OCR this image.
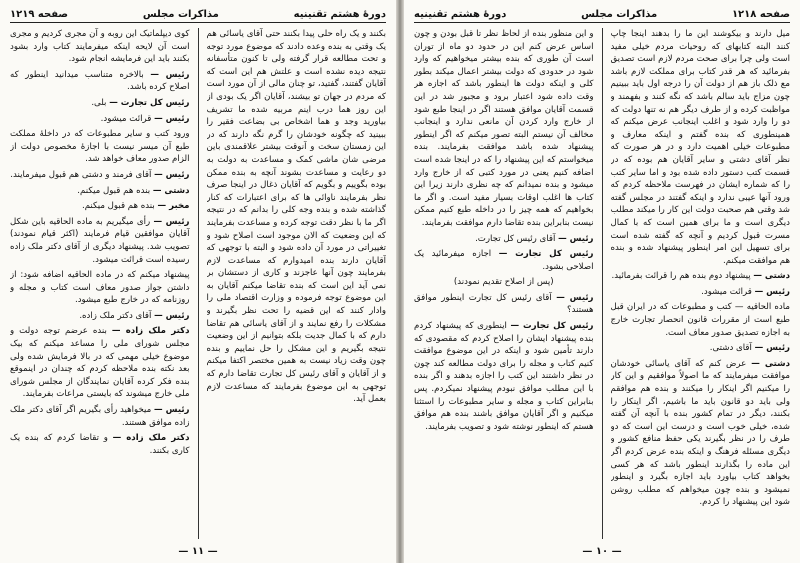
دورهٔ هشتم تقنینیه
مذاکرات مجلس
صفحه ۱۲۱۹

بکنند و یک راه حلی پیدا بکنند حتی آقای یاسائی هم یک وقتی به بنده وعده دادند که موضوع مورد توجه و تحت مطالعه قرار گرفته ولی تا کنون متأسفانه نتیجه دیده نشده است و علتش هم این است که آقایان گفتند، گفتید، تو چنان مالی از آن مورد است که مردم در جهان تو بیشند، آقایان اگر یک بودی از این روز هما درب اینم مربیه شده ما تشریف بیاورید وجد و هما اشخاص بی بضاعت فقیر را ببینید که چگونه خودشان را گرم نگه دارند که در این زمستان سخت و آنوقت بیشتر علاقمندی باین مرضی شان ماشی کمک و مساعدت به دولت به دو رعایت و مساعدت بشوند آنچه به بنده ممکن بوده بگوییم و بگویم که آقایان ذغال در اینجا صرف نظر بفرمایند ناوائی ها که برای اعتبارات که کنار گذاشته شده و بنده وجه کلی را بدانم که در نتیجه اگر ما با نظر دقت توجه کرده و مساعدت بفرمایند که این وضعیت که الان موجود است اصلاح شود و تغییراتی در مورد آن داده شود و البته با توجهی که آقایان دارند بنده امیدوارم که مساعدت لازم بفرمایند چون آنها عاجزند و کاری از دستشان بر نمی آید این است که بنده تقاضا میکنم آقایان به این موضوع توجه فرموده و وزارت اقتصاد ملی را وادار کنند که این قضیه را تحت نظر بگیرند و مشکلات را رفع نمایند و از آقای یاسائی هم تقاضا دارم که با کمال جدیت بلکه بتوانیم از این وضعیت نتیجه بگیریم و این مشکل را حل نماییم و بنده چون وقت زیاد نیست به همین مختصر اکتفا میکنم و از آقایان و آقای رئیس کل تجارت تقاضا دارم که توجهی به این موضوع بفرمایند که مساعدت لازم بعمل آید.

کوی دیپلماتیک این روبه و آن مجری کردیم و مجری است آن لایحه اینکه میفرمایند کتاب وارد بشود بکنند باید این فرمایشه انجام شود.

رئیس — بالاخره متناسب میدانید اینطور که اصلاح کرده باشد.

رئیس کل تجارت — بلی.

رئیس — قرائت میشود.

ورود کتب و سایر مطبوعات که در داخلهٔ مملکت طبع آن میسر نیست با اجازهٔ مخصوص دولت از الزام صدور معاف خواهد شد.

رئیس — آقای فرمند و دشتی هم قبول میفرمایند.

دشتی — بنده هم قبول میکنم.

مخبر — بنده هم قبول میکنم.

رئیس — رأی میگیریم به ماده الحاقیه باین شکل آقایان موافقین قیام فرمایند (اکثر قیام نمودند) تصویب شد. پیشنهاد دیگری از آقای دکتر ملک زاده رسیده است قرائت میشود.

پیشنهاد میکنم که در ماده الحاقیه اضافه شود: از داشتن جواز صدور معاف است کتاب و مجله و روزنامه که در خارج طبع میشود.

رئیس — آقای دکتر ملک زاده.

دکتر ملک زاده — بنده عرضم توجه دولت و مجلس شورای ملی را مساعد میکنم که بیک موضوع خیلی مهمی که در بالا فرمایش شده ولی بعد نکته بنده ملاحظه کردم که چندان در اینموقع بنده فکر کرده آقایان نمایندگان از مجلس شورای ملی خارج میشوند که بایستی مراعات بفرمایند.

رئیس — میخواهید رأی بگیریم اگر آقای دکتر ملک زاده موافق هستند.

دکتر ملک زاده — و تقاضا کردم که بنده یک کاری بکنند.

— ۱۱ —
صفحه ۱۲۱۸
مذاکرات مجلس
دورهٔ هشتم تقنینیه

میل دارند و بیکوشند این ما را بدهند اینجا چاپ کنند البته کتابهای که روحیات مردم خیلی مفید است ولی چرا برای صحت مردم لازم است تصدیق بفرمائید که هر قدر کتاب برای مملکت لازم باشد مع ذلک باز هم از دولت آن را درجه اول باید ببینیم چون مزاج باید سالم باشد که نگه کنند و بفهمند و مواظبت کرده و از طرف دیگر هم نه تنها دولت که دو را وارد شود و اغلب اینجانب عرض میکنم که همینطوری که بنده گفتم و اینکه معارف و مطبوعات خیلی اهمیت دارد و در هر صورت که نظر آقای دشتی و سایر آقایان هم بوده که در قسمت کتب دستور داده شده بود و اما سایر کتب را که شماره ایشان در فهرست ملاحظه کردم که ورود آنها عیبی ندارد و اینکه گفتند در مجلس گفته شد وقتی هم صحبت دولت این کار را میکند مطلب دیگری است و ما برای همین است که با کمال مسرت قبول کردیم و آنچه که گفته شده است برای تسهیل این امر اینطور پیشنهاد شده و بنده هم موافقت میکنم.

دشتی — پیشنهاد دوم بنده هم را قرائت بفرمائید.

رئیس — قرائت میشود.

ماده الحاقیه — کتب و مطبوعات که در ایران قبل طبع است از مقررات قانون انحصار تجارت خارج به اجازه تصدیق صدور معاف است.

رئیس — آقای دشتی.

دشتی — عرض کنم که آقای یاسائی خودشان موافقت میفرمایند که ما اصولاً موافقیم و این کار را میکنیم اگر اینکار را میکنند و بنده هم موافقم ولی باید دو قانون باید ما باشیم، اگر اینکار را بکنند، دیگر در تمام کشور بنده با آنچه آن گفته شده، خیلی خوب است و درست این است که دو طرف را در نظر بگیرند یکی حفظ منافع کشور و دیگری مسئله فرهنگ و اینکه بنده عرض کردم اگر این ماده را بگذارند اینطور باشد که هر کسی بخواهد کتاب بیاورد باید اجازه بگیرد و اینطور نمیشود و بنده چون میخواهم که مطلب روشن شود این پیشنهاد را کردم.

و این منظور بنده از لحاظ نظر تا قبل بودن و چون اساس عرض کنم این در حدود دو ماه از توران است آن طوری که بنده بیشتر میخواهیم که وارد شود در حدودی که دولت بیشتر اعمال میکند بطور کلی و اینکه دولت ها اینطور باشد که اجازه هر وقت داده شود اعتبار برود و مجبور شد در این قسمت آقایان موافق هستند اگر در اینجا طبع شود از خارج وارد کردن آن مانعی ندارد و اینجانب مخالف آن نیستم البته تصور میکنم که اگر اینطور پیشنهاد شده باشد موافقت بفرمایند. بنده میخواستم که این پیشنهاد را که در اینجا شده است اضافه کنیم یعنی در مورد کتبی که از خارج وارد میشود و بنده نمیدانم که چه نظری دارند زیرا این کتاب ها اغلب اوقات بسیار مفید است. و اگر ما بخواهیم که همه چیز را در داخله طبع کنیم ممکن نیست بنابراین بنده تقاضا دارم موافقت بفرمایند.

رئیس — آقای رئیس کل تجارت.

رئیس کل تجارت — اجازه میفرمائید یک اصلاحی بشود.

(پس از اصلاح تقدیم نمودند)

رئیس — آقای رئیس کل تجارت اینطور موافق هستند؟

رئیس کل تجارت — اینطوری که پیشنهاد کردم بنده پیشنهاد ایشان را اصلاح کردم که مقصودی که دارند تأمین شود و اینکه در این موضوع موافقت کنیم کتاب و مجله را برای دولت مطالعه کند چون در نظر داشتند این کتب را اجازه بدهند و اگر بنده با این مطلب موافق نبودم پیشنهاد نمیکردم. پس بنابراین کتاب و مجله و سایر مطبوعات را استثنا میکنیم و اگر آقایان موافق باشند بنده هم موافق هستم که اینطور نوشته شود و تصویب بفرمایند.

— ۱۰ —
